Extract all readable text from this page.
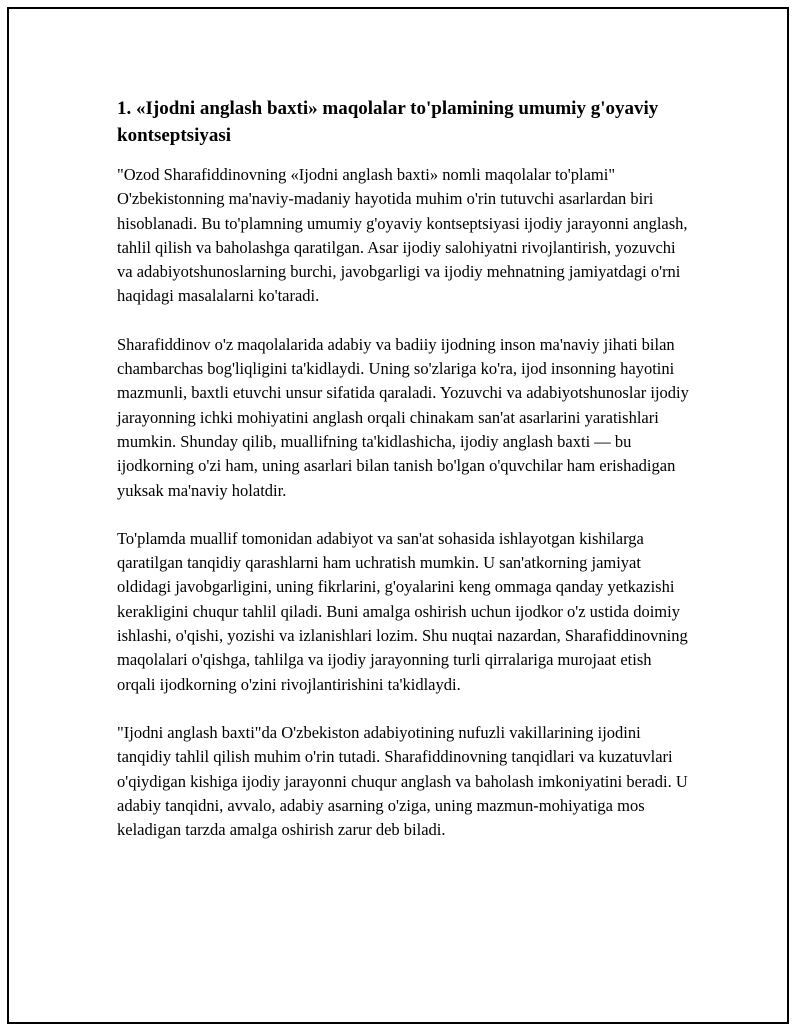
1. «Ijodni anglash baxti» maqolalar to'plamining umumiy g'oyaviy kontseptsiyasi

"Ozod Sharafiddinovning «Ijodni anglash baxti» nomli maqolalar to'plami" O'zbekistonning ma'naviy-madaniy hayotida muhim o'rin tutuvchi asarlardan biri hisoblanadi. Bu to'plamning umumiy g'oyaviy kontseptsiyasi ijodiy jarayonni anglash, tahlil qilish va baholashga qaratilgan. Asar ijodiy salohiyatni rivojlantirish, yozuvchi va adabiyotshunoslarning burchi, javobgarligi va ijodiy mehnatning jamiyatdagi o'rni haqidagi masalalarni ko'taradi.

Sharafiddinov o'z maqolalarida adabiy va badiiy ijodning inson ma'naviy jihati bilan chambarchas bog'liqligini ta'kidlaydi. Uning so'zlariga ko'ra, ijod insonning hayotini mazmunli, baxtli etuvchi unsur sifatida qaraladi. Yozuvchi va adabiyotshunoslar ijodiy jarayonning ichki mohiyatini anglash orqali chinakam san'at asarlarini yaratishlari mumkin. Shunday qilib, muallifning ta'kidlashicha, ijodiy anglash baxti — bu ijodkorning o'zi ham, uning asarlari bilan tanish bo'lgan o'quvchilar ham erishadigan yuksak ma'naviy holatdir.

To'plamda muallif tomonidan adabiyot va san'at sohasida ishlayotgan kishilarga qaratilgan tanqidiy qarashlarni ham uchratish mumkin. U san'atkorning jamiyat oldidagi javobgarligini, uning fikrlarini, g'oyalarini keng ommaga qanday yetkazishi kerakligini chuqur tahlil qiladi. Buni amalga oshirish uchun ijodkor o'z ustida doimiy ishlashi, o'qishi, yozishi va izlanishlari lozim. Shu nuqtai nazardan, Sharafiddinovning maqolalari o'qishga, tahlilga va ijodiy jarayonning turli qirralariga murojaat etish orqali ijodkorning o'zini rivojlantirishini ta'kidlaydi.

"Ijodni anglash baxti"da O'zbekiston adabiyotining nufuzli vakillarining ijodini tanqidiy tahlil qilish muhim o'rin tutadi. Sharafiddinovning tanqidlari va kuzatuvlari o'qiydigan kishiga ijodiy jarayonni chuqur anglash va baholash imkoniyatini beradi. U adabiy tanqidni, avvalo, adabiy asarning o'ziga, uning mazmun-mohiyatiga mos keladigan tarzda amalga oshirish zarur deb biladi.
